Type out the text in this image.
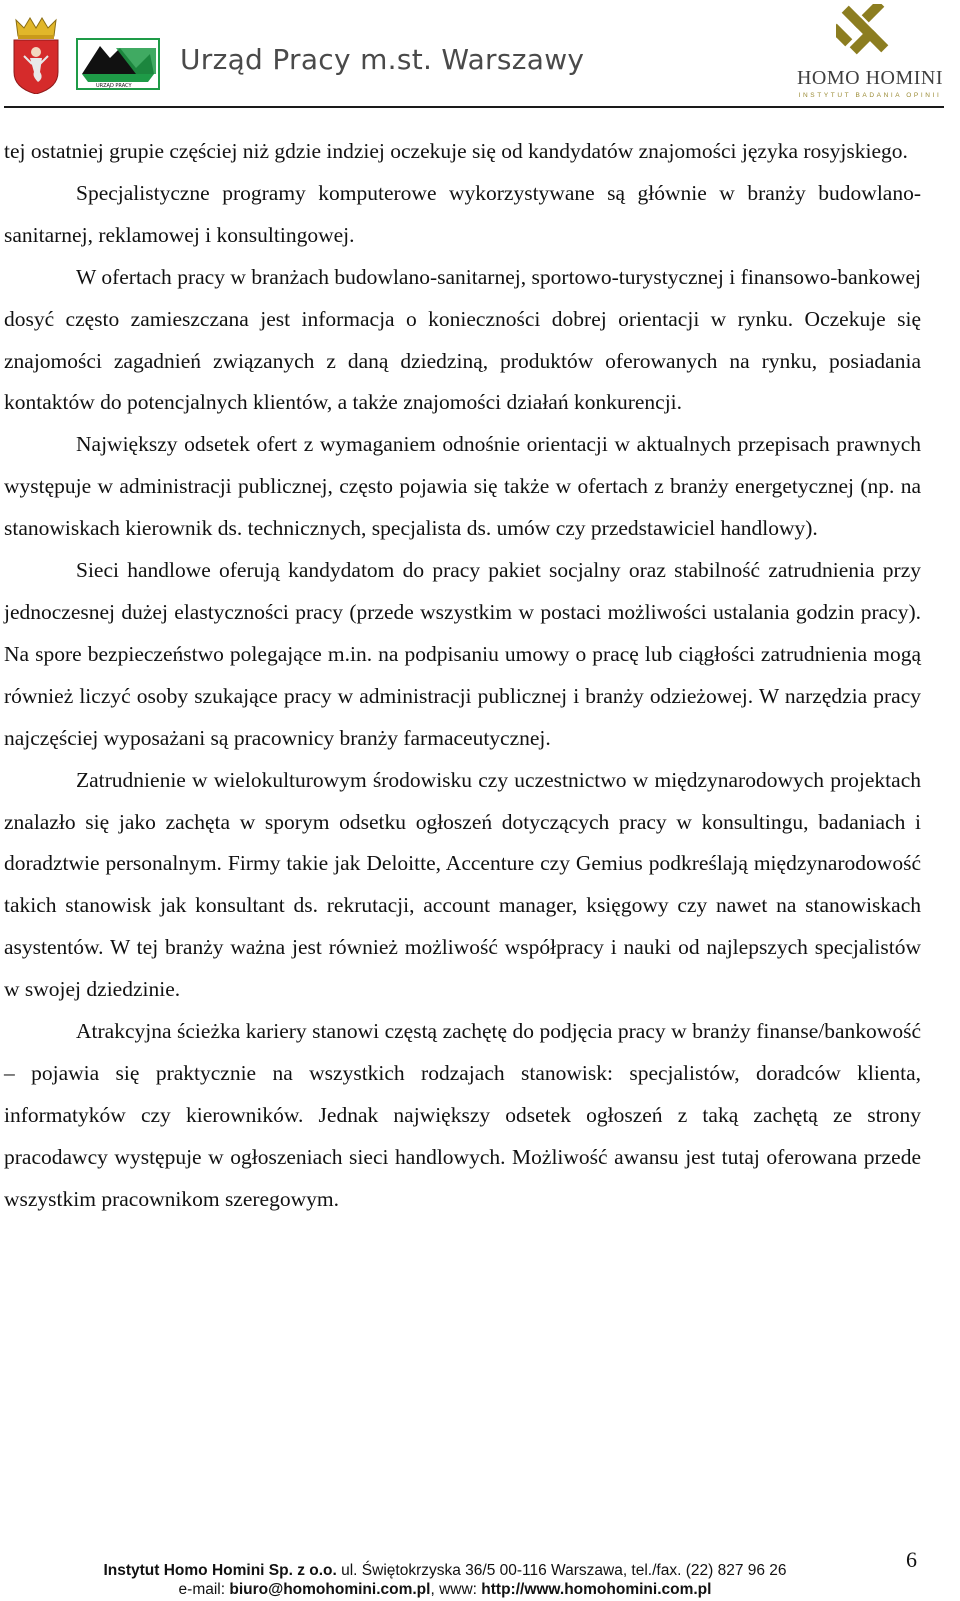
URZĄD PRACY
Urząd Pracy m.st. Warszawy
HOMO HOMINI
INSTYTUT BADANIA OPINII

tej ostatniej grupie częściej niż gdzie indziej oczekuje się od kandydatów znajomości języka rosyjskiego.

Specjalistyczne programy komputerowe wykorzystywane są głównie w branży budowlano-sanitarnej, reklamowej i konsultingowej.

W ofertach pracy w branżach budowlano-sanitarnej, sportowo-turystycznej i finansowo-bankowej dosyć często zamieszczana jest informacja o konieczności dobrej orientacji w rynku. Oczekuje się znajomości zagadnień związanych z daną dziedziną, produktów oferowanych na rynku, posiadania kontaktów do potencjalnych klientów, a także znajomości działań konkurencji.

Największy odsetek ofert z wymaganiem odnośnie orientacji w aktualnych przepisach prawnych występuje w administracji publicznej, często pojawia się także w ofertach z branży energetycznej (np. na stanowiskach kierownik ds. technicznych, specjalista ds. umów czy przedstawiciel handlowy).

Sieci handlowe oferują kandydatom do pracy pakiet socjalny oraz stabilność zatrudnienia przy jednoczesnej dużej elastyczności pracy (przede wszystkim w postaci możliwości ustalania godzin pracy). Na spore bezpieczeństwo polegające m.in. na podpisaniu umowy o pracę lub ciągłości zatrudnienia mogą również liczyć osoby szukające pracy w administracji publicznej i branży odzieżowej. W narzędzia pracy najczęściej wyposażani są pracownicy branży farmaceutycznej.

Zatrudnienie w wielokulturowym środowisku czy uczestnictwo w międzynarodowych projektach znalazło się jako zachęta w sporym odsetku ogłoszeń dotyczących pracy w konsultingu, badaniach i doradztwie personalnym. Firmy takie jak Deloitte, Accenture czy Gemius podkreślają międzynarodowość takich stanowisk jak konsultant ds. rekrutacji, account manager, księgowy czy nawet na stanowiskach asystentów. W tej branży ważna jest również możliwość współpracy i nauki od najlepszych specjalistów w swojej dziedzinie.

Atrakcyjna ścieżka kariery stanowi częstą zachętę do podjęcia pracy w branży finanse/bankowość – pojawia się praktycznie na wszystkich rodzajach stanowisk: specjalistów, doradców klienta, informatyków czy kierowników. Jednak największy odsetek ogłoszeń z taką zachętą ze strony pracodawcy występuje w ogłoszeniach sieci handlowych. Możliwość awansu jest tutaj oferowana przede wszystkim pracownikom szeregowym.

Instytut Homo Homini Sp. z o.o. ul. Świętokrzyska 36/5 00-116 Warszawa, tel./fax. (22) 827 96 26
e-mail: biuro@homohomini.com.pl, www: http://www.homohomini.com.pl
6
